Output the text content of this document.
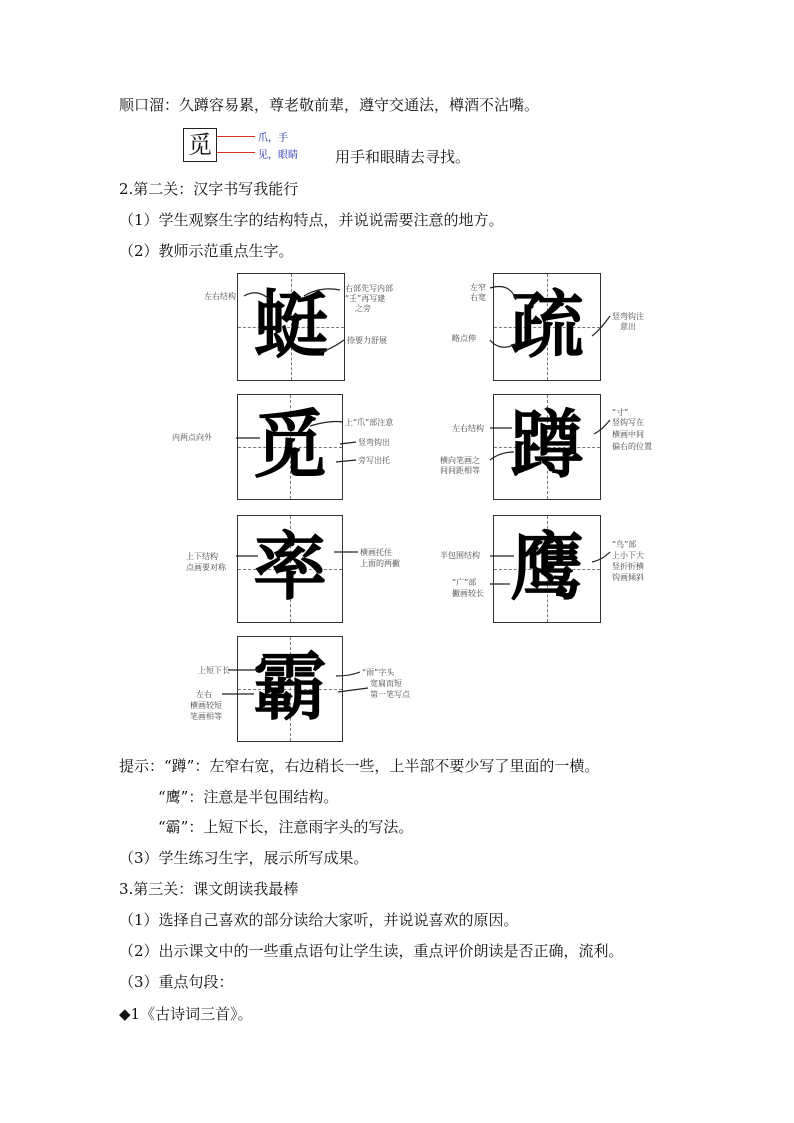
顺口溜：久蹲容易累，尊老敬前辈，遵守交通法，樽酒不沾嘴。
觅	爪，手
见，眼睛 用手和眼睛去寻找。
2.第二关：汉字书写我能行
（1）学生观察生字的结构特点，并说说需要注意的地方。
（2）教师示范重点生字。
蜓
左右结构
右部先写内部
“壬”再写建
之旁
捺要力舒展 疏
左窄
右宽
略点伸
竖弯钩注
意出
觅
内两点向外
上“爪”部注意
竖弯钩出
旁写出托 蹲
左右结构
横向笔画之
间间距相等
“寸”
竖钩写在
横画中间
偏右的位置
率
上下结构
点画要对称
横画托住
上面的两撇 鹰
半包围结构
“广”部
撇画较长
“鸟”部
上小下大
竖折折横
钩画倾斜
霸
上短下长
左右
横画较短
笔画相等
“雨”字头
宽扁而短
第一笔写点
提示：“蹲”：左窄右宽，右边稍长一些，上半部不要少写了里面的一横。
“鹰”：注意是半包围结构。
“霸”：上短下长，注意雨字头的写法。
（3）学生练习生字，展示所写成果。
3.第三关：课文朗读我最棒
（1）选择自己喜欢的部分读给大家听，并说说喜欢的原因。
（2）出示课文中的一些重点语句让学生读，重点评价朗读是否正确，流利。
（3）重点句段：
◆1《古诗词三首》。
